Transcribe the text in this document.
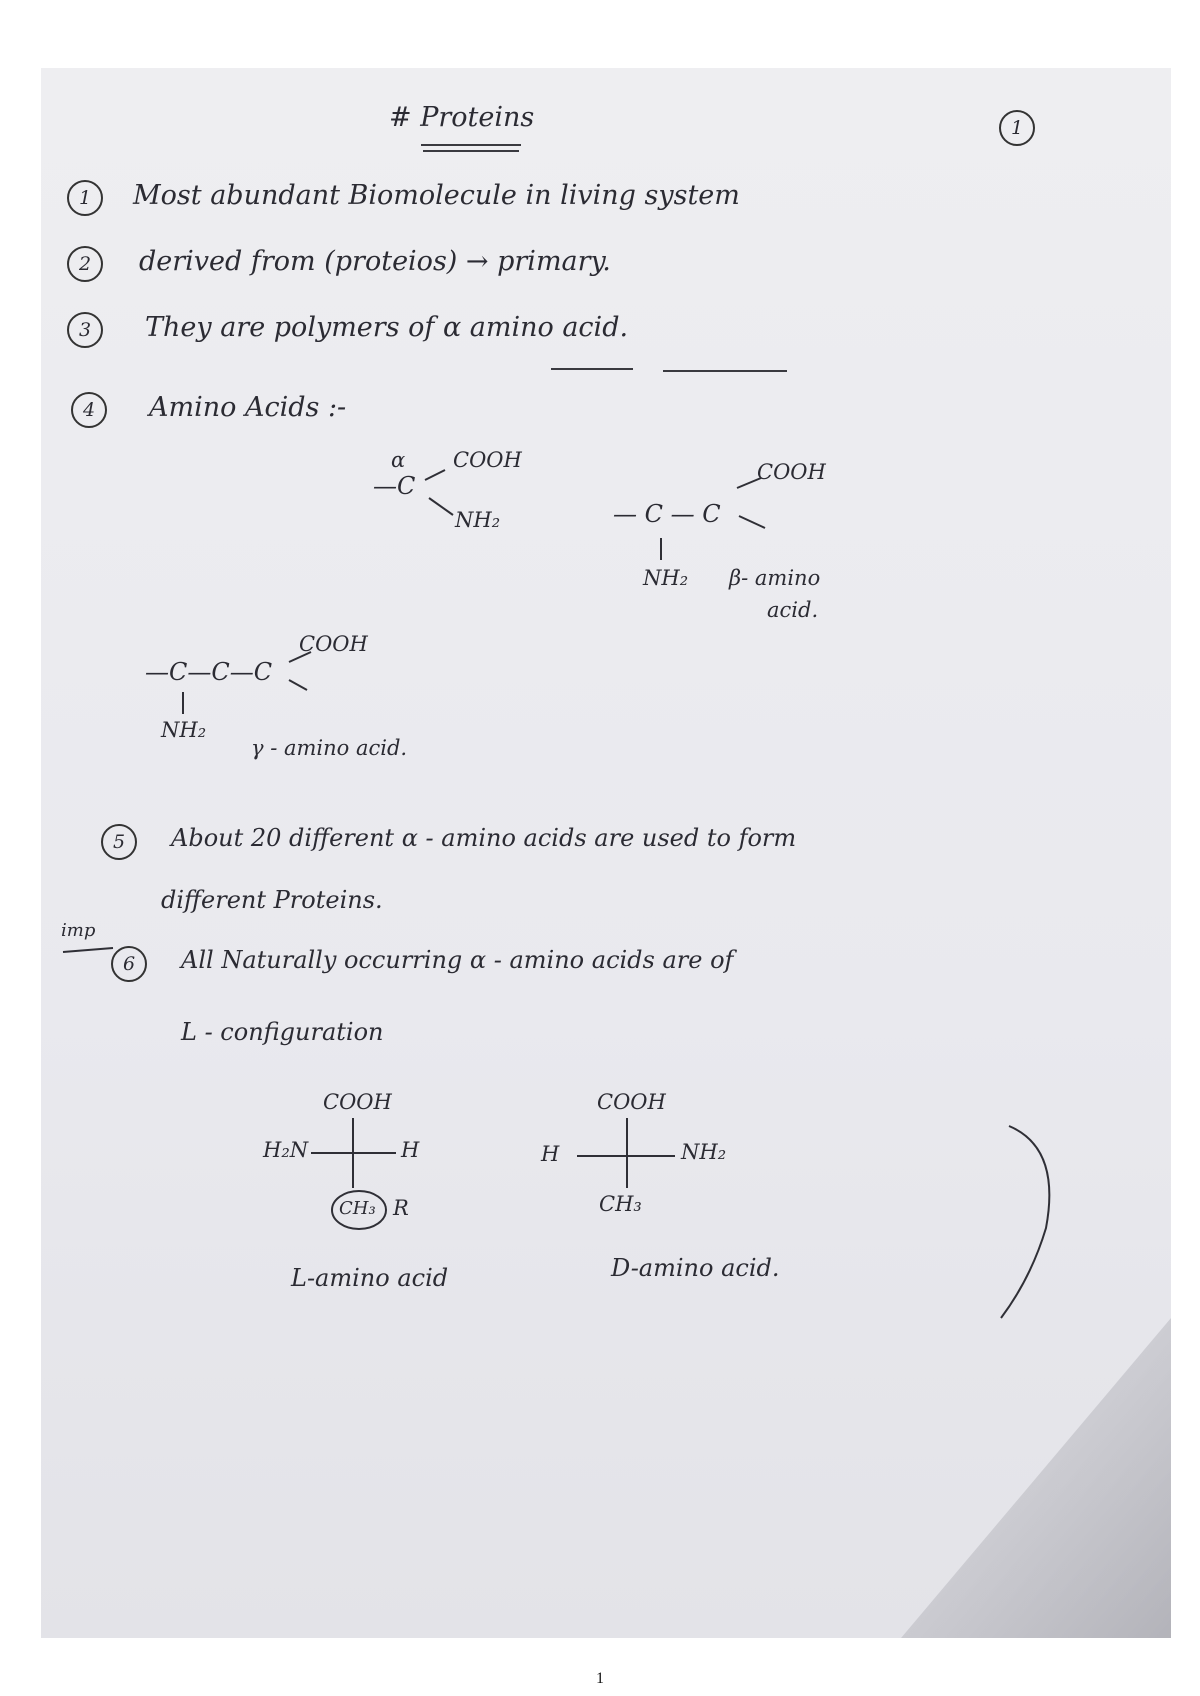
# Proteins	1
1	Most abundant Biomolecule in living system
2	derived from (proteios) → primary.
3	They are polymers of α amino acid.
4	Amino Acids :-
α
—C
COOH
NH₂	— C — C
COOH
NH₂ β- amino
acid.
—C—C—C
COOH
NH₂
γ - amino acid.
5	About 20 different α - amino acids are used to form
different Proteins.
imp
6	All Naturally occurring α - amino acids are of
L - configuration
COOH
H₂N	H
CH₃ R
L-amino acid
COOH
H	NH₂
CH₃
D-amino acid.
1
